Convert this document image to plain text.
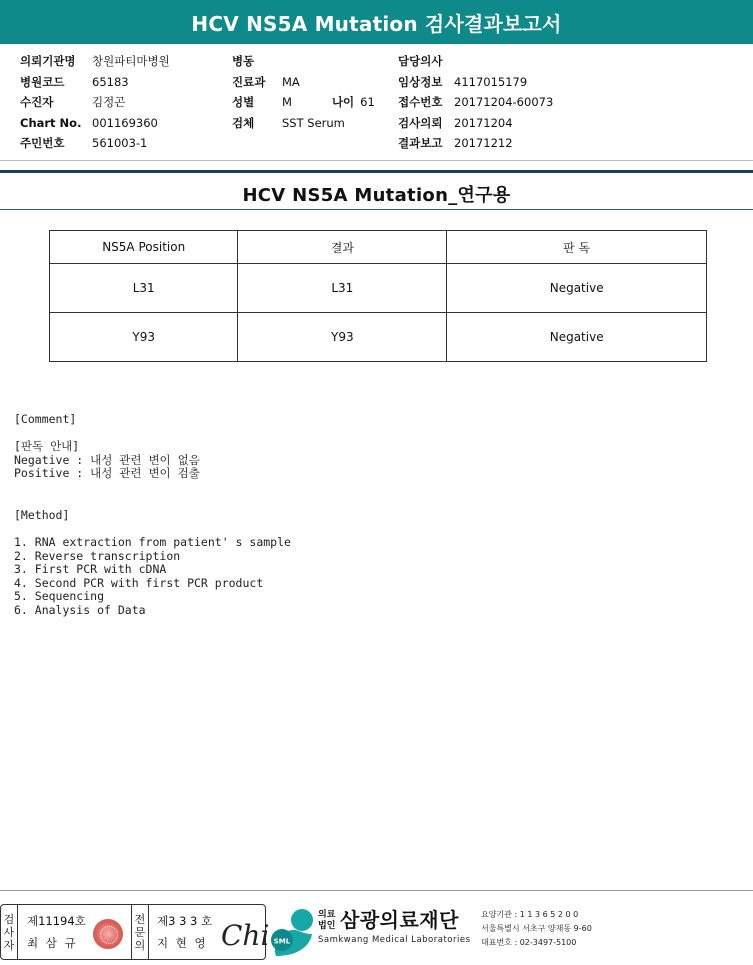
HCV NS5A Mutation 검사결과보고서
의뢰기관명	창원파티마병원
병원코드	65183
수진자	김정곤
Chart No. 001169360
주민번호	561003-1
병동
진료과	MA
성별	M	나이 61
검체	SST Serum
담당의사
임상정보	4117015179
접수번호	20171204-60073
검사의뢰	20171204
결과보고	20171212
HCV NS5A Mutation_연구용
NS5A Position	결과	판 독
L31	L31	Negative
Y93	Y93	Negative
[Comment]
[판독 안내]
Negative : 내성 관련 변이 없음
Positive : 내성 관련 변이 검출
[Method]
1. RNA extraction from patient' s sample
2. Reverse transcription
3. First PCR with cDNA
4. Second PCR with first PCR product
5. Sequencing
6. Analysis of Data
검
사
자
제11194호
최 삼 규
전
문
의
제3 3 3 호
지 현 영 Chi SML
의료
법인 삼광의료재단
Samkwang Medical Laboratories
요양기관 : 1 1 3 6 5 2 0 0
서울특별시 서초구 양재동 9-60
대표번호 : 02-3497-5100
